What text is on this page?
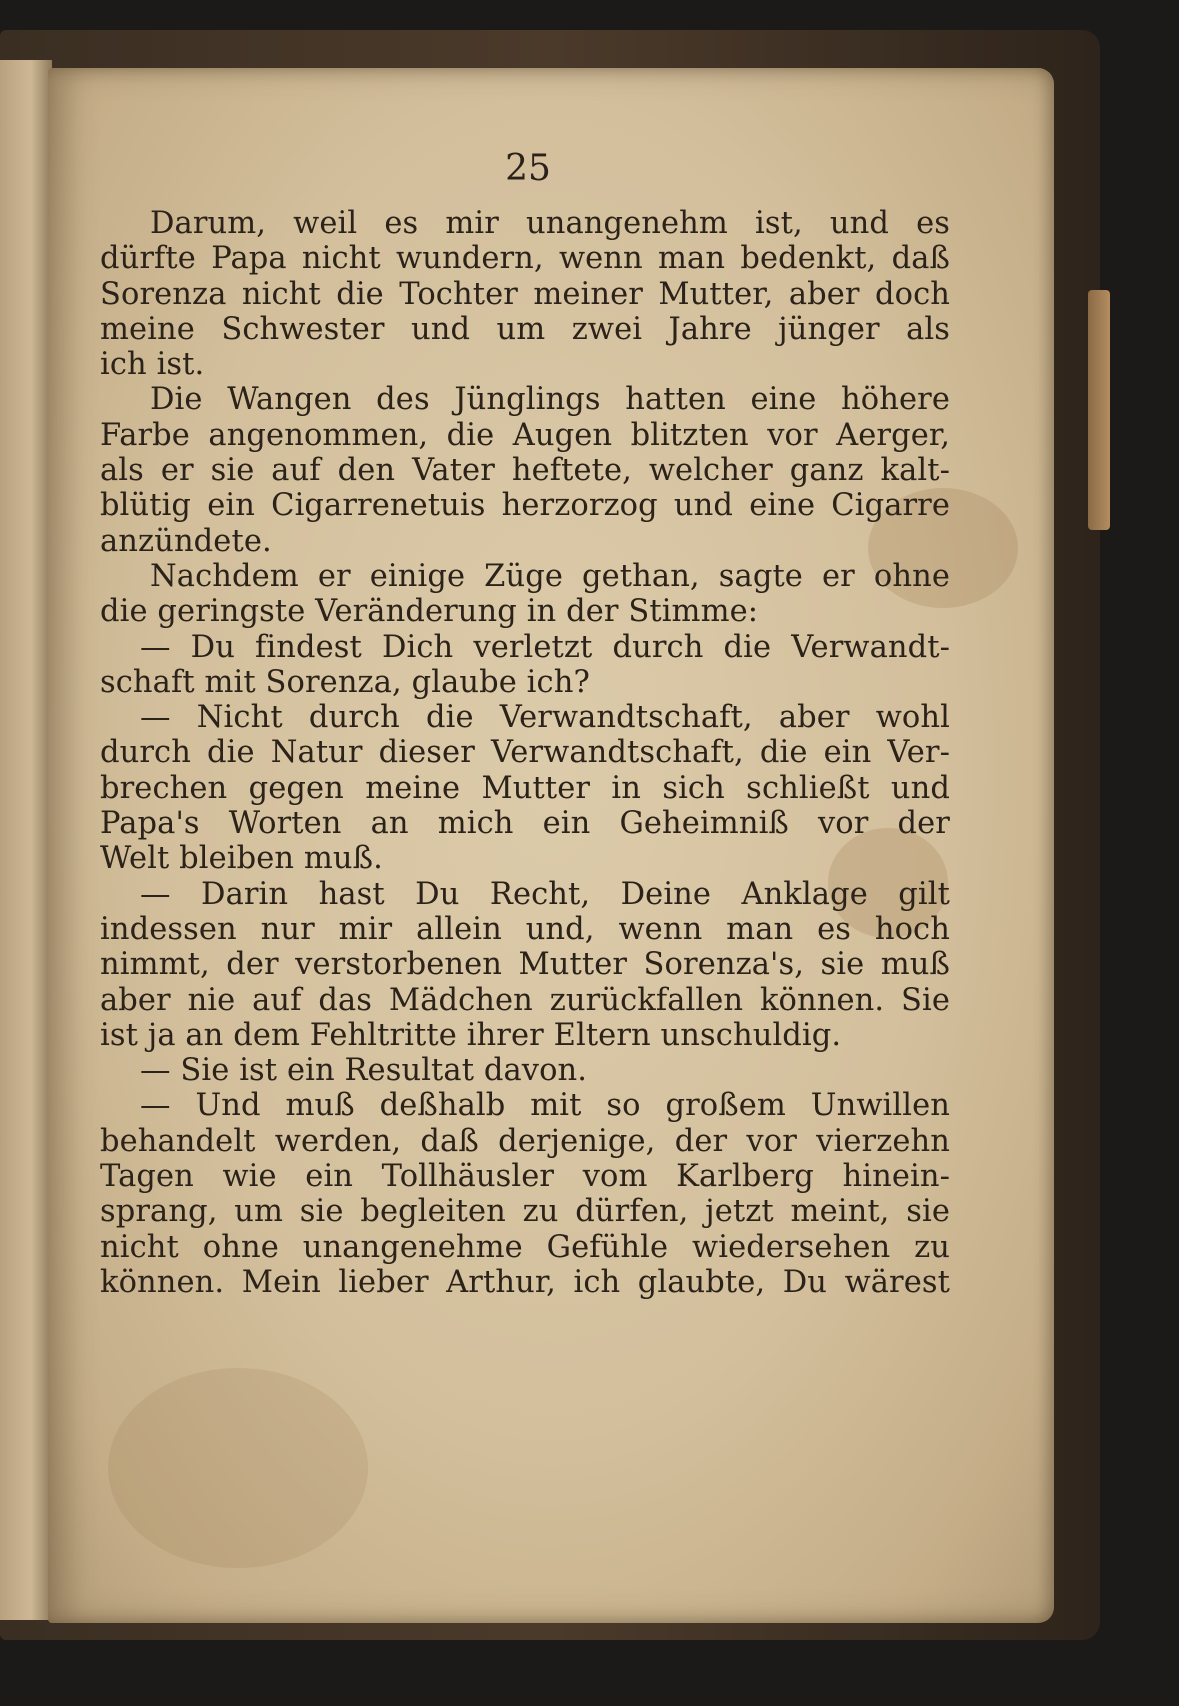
25
Darum, weil es mir unangenehm ist, und es
dürfte Papa nicht wundern, wenn man bedenkt, daß
Sorenza nicht die Tochter meiner Mutter, aber doch
meine Schwester und um zwei Jahre jünger als
ich ist.
Die Wangen des Jünglings hatten eine höhere
Farbe angenommen, die Augen blitzten vor Aerger,
als er sie auf den Vater heftete, welcher ganz kalt-
blütig ein Cigarrenetuis herzorzog und eine Cigarre
anzündete.
Nachdem er einige Züge gethan, sagte er ohne
die geringste Veränderung in der Stimme:
— Du findest Dich verletzt durch die Verwandt-
schaft mit Sorenza, glaube ich?
— Nicht durch die Verwandtschaft, aber wohl
durch die Natur dieser Verwandtschaft, die ein Ver-
brechen gegen meine Mutter in sich schließt und
Papa's Worten an mich ein Geheimniß vor der
Welt bleiben muß.
— Darin hast Du Recht, Deine Anklage gilt
indessen nur mir allein und, wenn man es hoch
nimmt, der verstorbenen Mutter Sorenza's, sie muß
aber nie auf das Mädchen zurückfallen können. Sie
ist ja an dem Fehltritte ihrer Eltern unschuldig.
— Sie ist ein Resultat davon.
— Und muß deßhalb mit so großem Unwillen
behandelt werden, daß derjenige, der vor vierzehn
Tagen wie ein Tollhäusler vom Karlberg hinein-
sprang, um sie begleiten zu dürfen, jetzt meint, sie
nicht ohne unangenehme Gefühle wiedersehen zu
können. Mein lieber Arthur, ich glaubte, Du wärest
